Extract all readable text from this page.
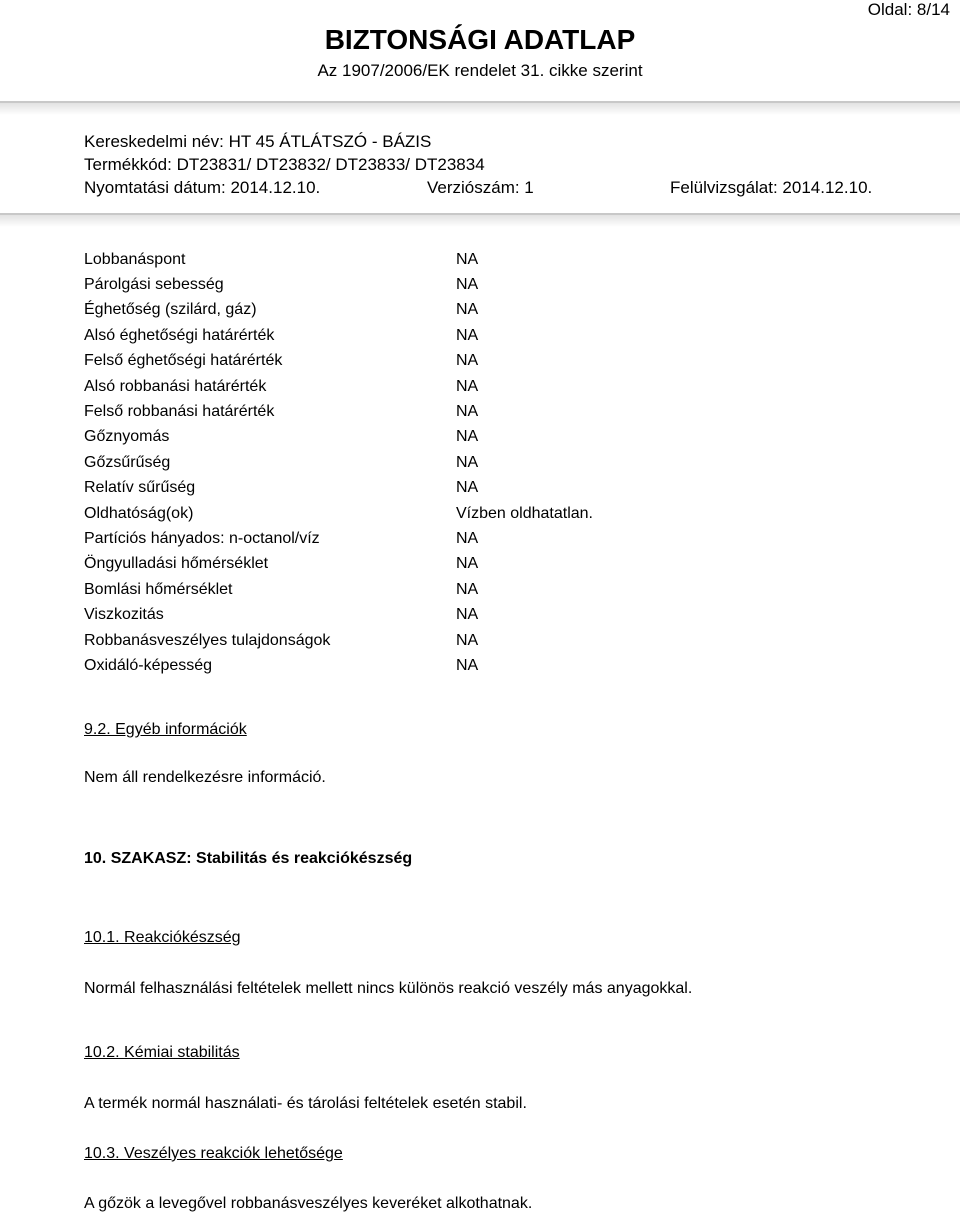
Oldal: 8/14
BIZTONSÁGI ADATLAP
Az 1907/2006/EK rendelet 31. cikke szerint
Kereskedelmi név: HT 45 ÁTLÁTSZÓ - BÁZIS
Termékkód: DT23831/ DT23832/ DT23833/ DT23834
Nyomtatási dátum: 2014.12.10.	Verziószám: 1	Felülvizsgálat: 2014.12.10.
Lobbanáspont	NA
Párolgási sebesség	NA
Éghetőség (szilárd, gáz)	NA
Alsó éghetőségi határérték	NA
Felső éghetőségi határérték	NA
Alsó robbanási határérték	NA
Felső robbanási határérték	NA
Gőznyomás	NA
Gőzsűrűség	NA
Relatív sűrűség	NA
Oldhatóság(ok)	Vízben oldhatatlan.
Partíciós hányados: n-octanol/víz	NA
Öngyulladási hőmérséklet	NA
Bomlási hőmérséklet	NA
Viszkozitás	NA
Robbanásveszélyes tulajdonságok	NA
Oxidáló-képesség	NA
9.2. Egyéb információk
Nem áll rendelkezésre információ.
10. SZAKASZ: Stabilitás és reakciókészség
10.1. Reakciókészség
Normál felhasználási feltételek mellett nincs különös reakció veszély más anyagokkal.
10.2. Kémiai stabilitás
A termék normál használati- és tárolási feltételek esetén stabil.
10.3. Veszélyes reakciók lehetősége
A gőzök a levegővel robbanásveszélyes keveréket alkothatnak.
